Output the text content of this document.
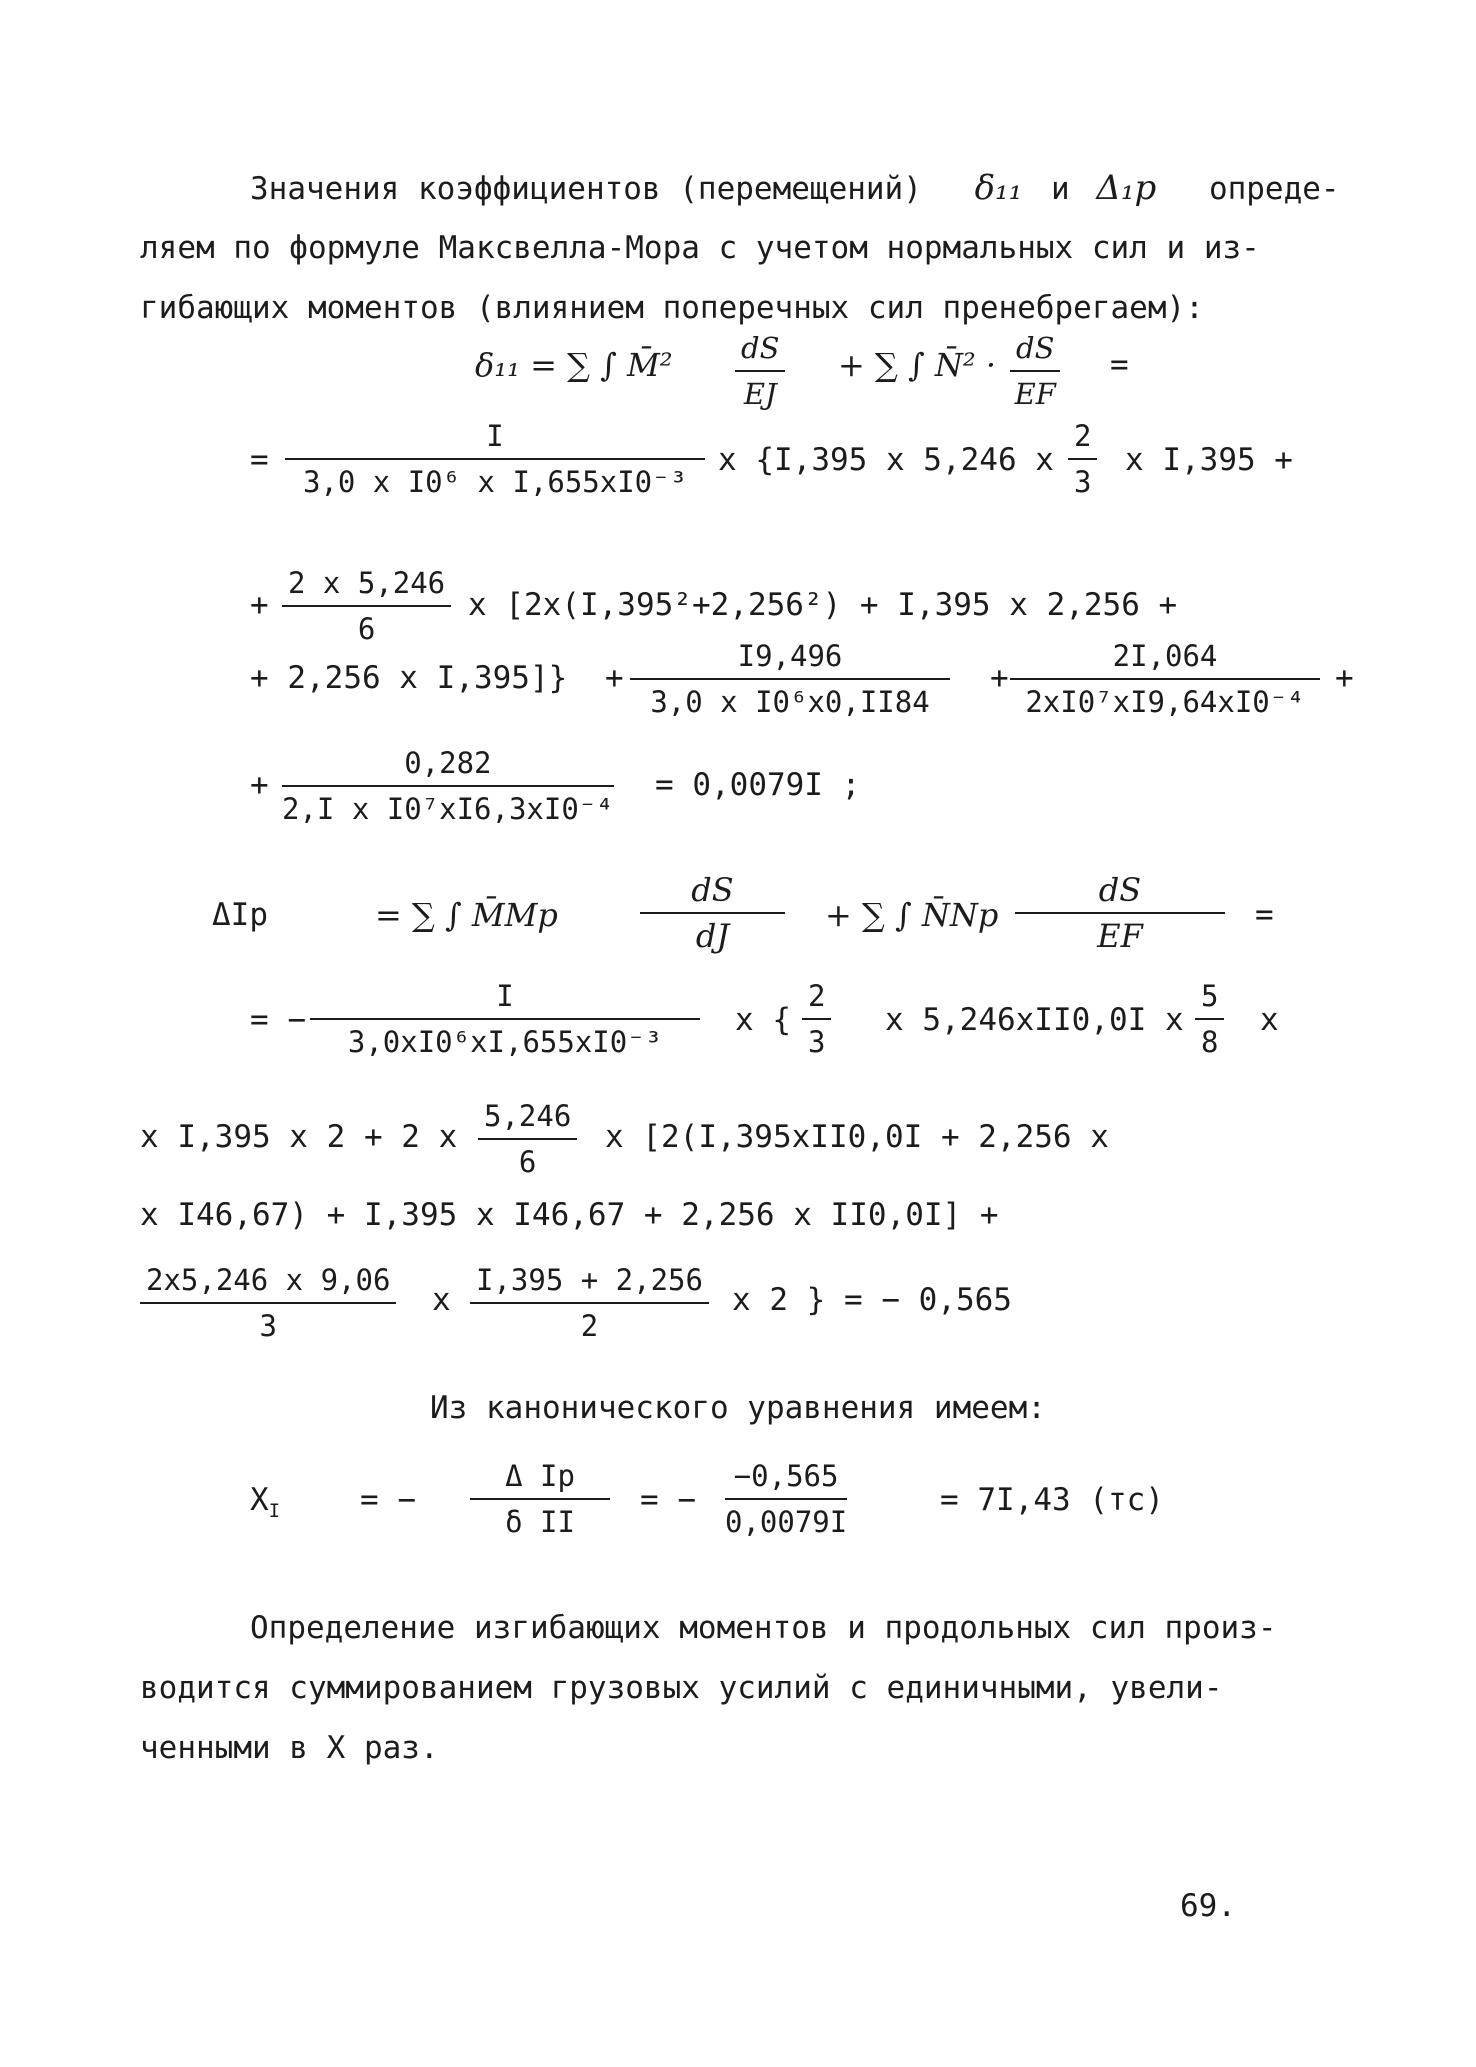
Значения коэффициентов (перемещений) δ₁₁ и Δ₁p опреде-
ляем по формуле Максвелла-Мора с учетом нормальных сил и из-
гибающих моментов (влиянием поперечных сил пренебрегаем):
δ₁₁ = ∑ ∫ M̄² $\frac{dS}{EJ}$ + ∑ ∫ N̄² · $\frac{dS}{EF}$ =
= $\frac{I}{\text{3,0 x I0⁶ x I,655xI0⁻³}}$ x {I,395 x 5,246 x $\frac{2}{3}$ x I,395 +
+ $\frac{2 x 5,246}{6}$ x [2x(I,395²+2,256²) + I,395 x 2,256 +
+ 2,256 x $I,395]\} + \frac{I9,496}{\text{3,0 x I0⁶x0,II84}} + \frac{2I,064}{\text{2xI0⁷xI9,64xI0⁻⁴}}$ +
+ $\frac{0,282}{\text{2,I x I0⁷xI6,3xI0⁻⁴}} = 0,0079I$ ;
ΔIp	= ∑ ∫ M̄Mp	$\frac{dS}{dJ}$ + ∑ ∫ N̄Np $\frac{dS}{EF}$ =
= − $\frac{I}{\text{3,0xI0⁶xI,655xI0⁻³}}$ x { $\frac{2}{3}$ x 5,246xII0,0I x $\frac{5}{8}$ x
x I,395 x 2 + 2 x $\frac{5,246}{6}$ x [2(I,395xII0,0I + 2,256 x
x I46,67) + I,395 x I46,67 + 2,256 x II0,0I] +
$\frac{2x5,246 x 9,06}{3}$ x $\frac{I,395 + 2,256}{2}$ x 2 } = − 0,565
Из канонического уравнения имеем:
$X_I$	= − $\frac{\text{Δ Ip}}{\text{δ II}}$ = − $\frac{-0,565}{0,0079I}$	= 7I,43 (тс)
Определение изгибающих моментов и продольных сил произ-
водится суммированием грузовых усилий с единичными, увели-
ченными в X раз.
69.
